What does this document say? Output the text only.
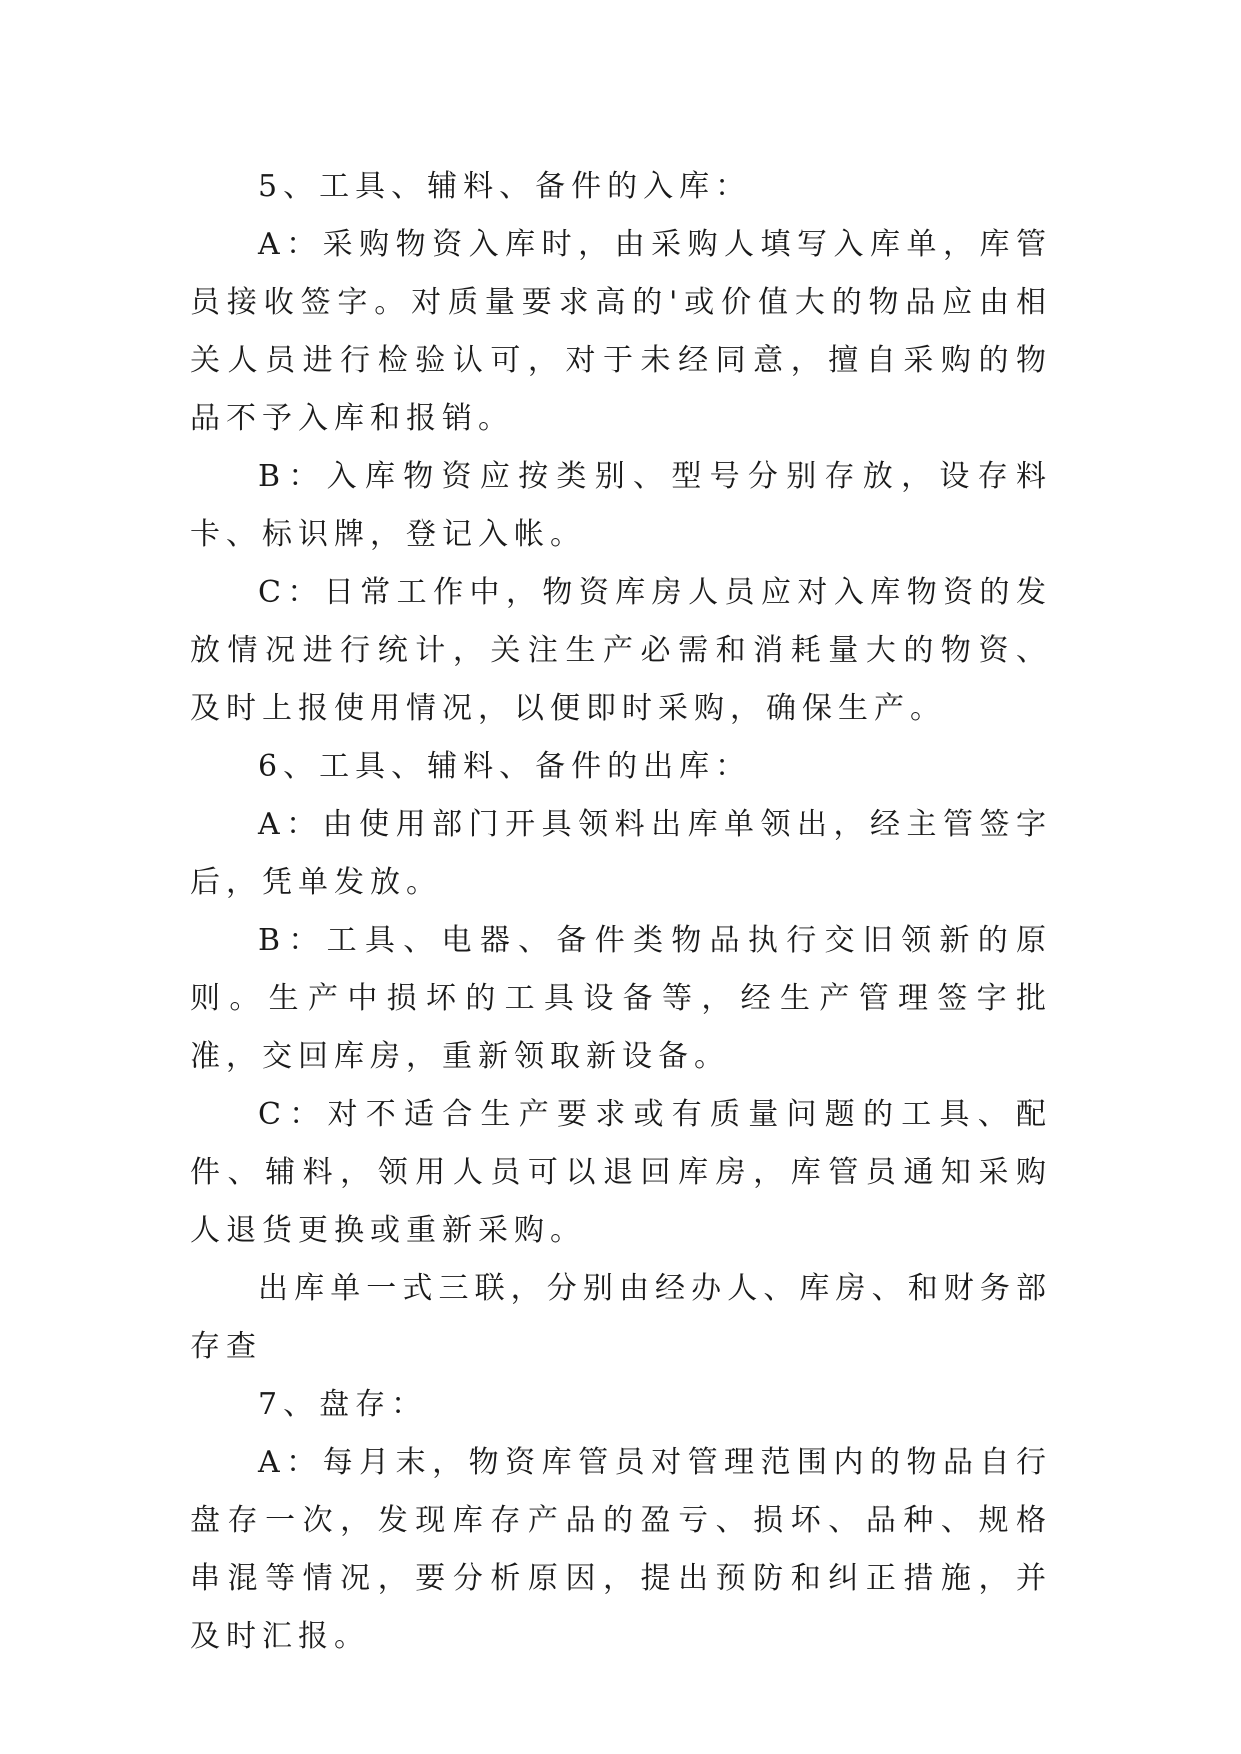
5、工具、辅料、备件的入库：

A：采购物资入库时，由采购人填写入库单，库管员接收签字。对质量要求高的'或价值大的物品应由相关人员进行检验认可，对于未经同意，擅自采购的物品不予入库和报销。

B：入库物资应按类别、型号分别存放，设存料卡、标识牌，登记入帐。

C：日常工作中，物资库房人员应对入库物资的发放情况进行统计，关注生产必需和消耗量大的物资、及时上报使用情况，以便即时采购，确保生产。

6、工具、辅料、备件的出库：

A：由使用部门开具领料出库单领出，经主管签字后，凭单发放。

B：工具、电器、备件类物品执行交旧领新的原则。生产中损坏的工具设备等，经生产管理签字批准，交回库房，重新领取新设备。

C：对不适合生产要求或有质量问题的工具、配件、辅料，领用人员可以退回库房，库管员通知采购人退货更换或重新采购。

出库单一式三联，分别由经办人、库房、和财务部存查

7、盘存：

A：每月末，物资库管员对管理范围内的物品自行盘存一次，发现库存产品的盈亏、损坏、品种、规格串混等情况，要分析原因，提出预防和纠正措施，并及时汇报。
